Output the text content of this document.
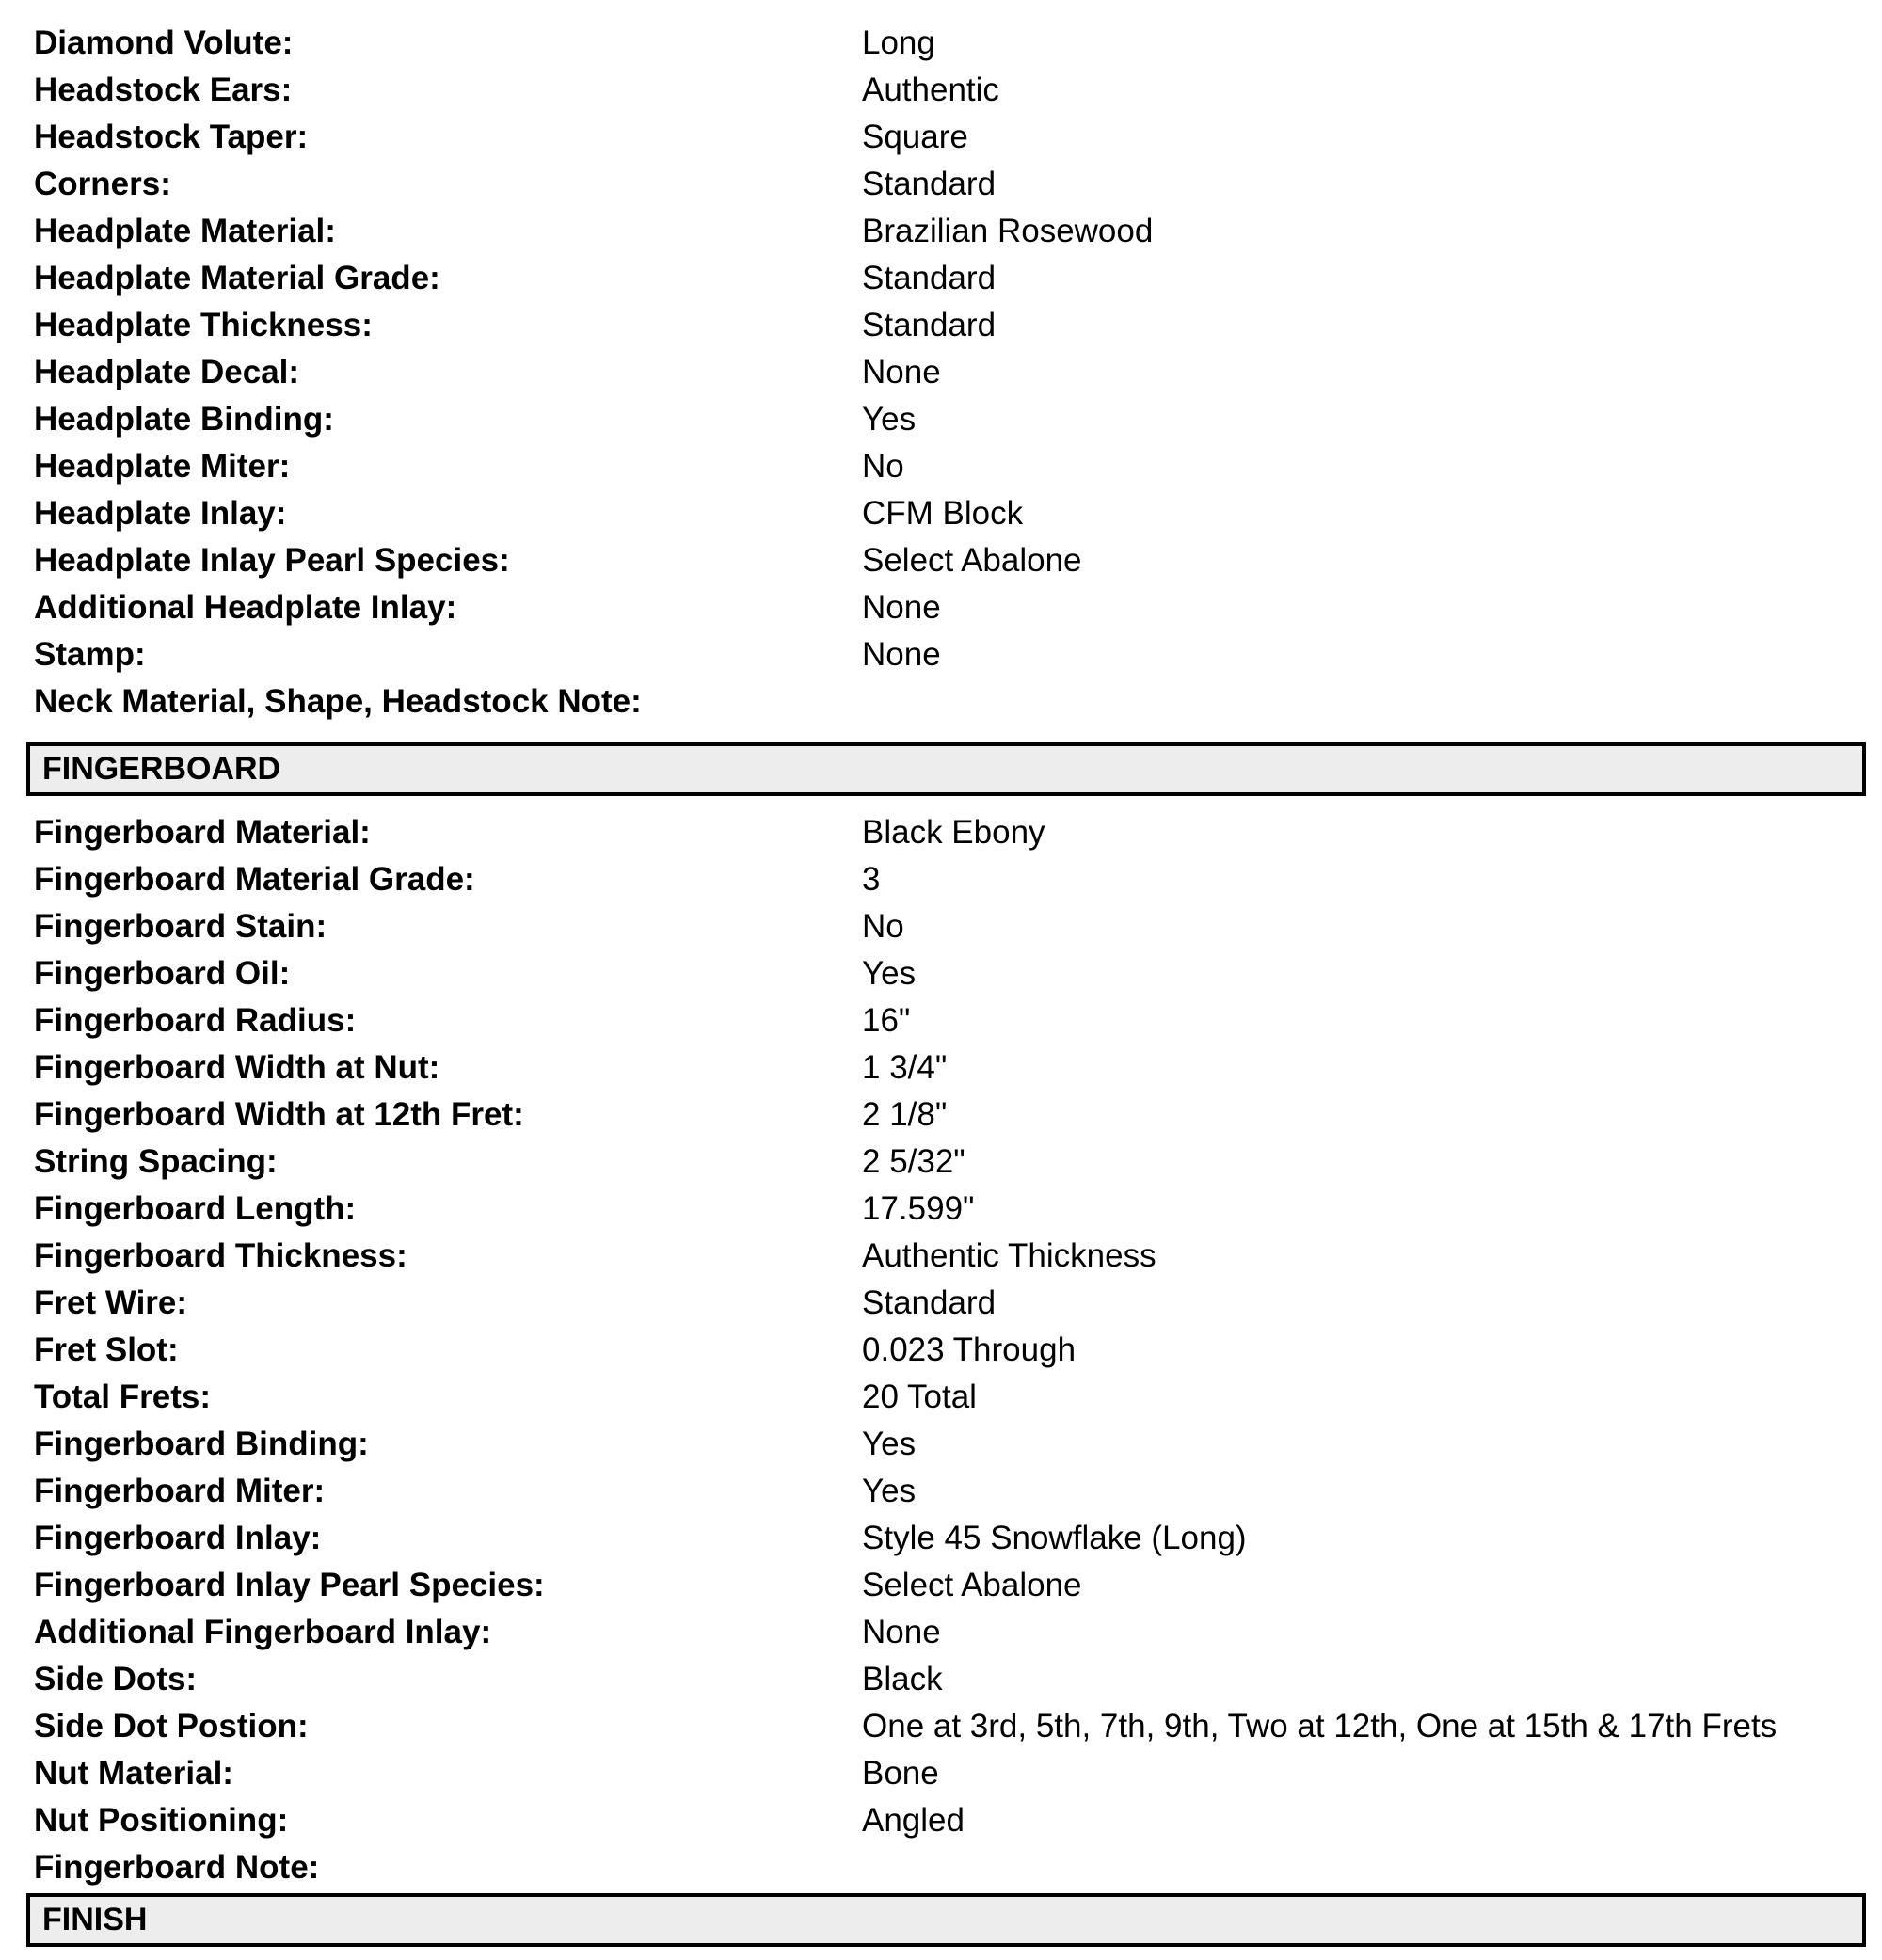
Diamond Volute:	Long
Headstock Ears:	Authentic
Headstock Taper:	Square
Corners:	Standard
Headplate Material:	Brazilian Rosewood
Headplate Material Grade:	Standard
Headplate Thickness:	Standard
Headplate Decal:	None
Headplate Binding:	Yes
Headplate Miter:	No
Headplate Inlay:	CFM Block
Headplate Inlay Pearl Species:	Select Abalone
Additional Headplate Inlay:	None
Stamp:	None
Neck Material, Shape, Headstock Note:
FINGERBOARD
Fingerboard Material:	Black Ebony
Fingerboard Material Grade:	3
Fingerboard Stain:	No
Fingerboard Oil:	Yes
Fingerboard Radius:	16"
Fingerboard Width at Nut:	1 3/4"
Fingerboard Width at 12th Fret:	2 1/8"
String Spacing:	2 5/32"
Fingerboard Length:	17.599"
Fingerboard Thickness:	Authentic Thickness
Fret Wire:	Standard
Fret Slot:	0.023 Through
Total Frets:	20 Total
Fingerboard Binding:	Yes
Fingerboard Miter:	Yes
Fingerboard Inlay:	Style 45 Snowflake (Long)
Fingerboard Inlay Pearl Species:	Select Abalone
Additional Fingerboard Inlay:	None
Side Dots:	Black
Side Dot Postion:	One at 3rd, 5th, 7th, 9th, Two at 12th, One at 15th & 17th Frets
Nut Material:	Bone
Nut Positioning:	Angled
Fingerboard Note:
FINISH
